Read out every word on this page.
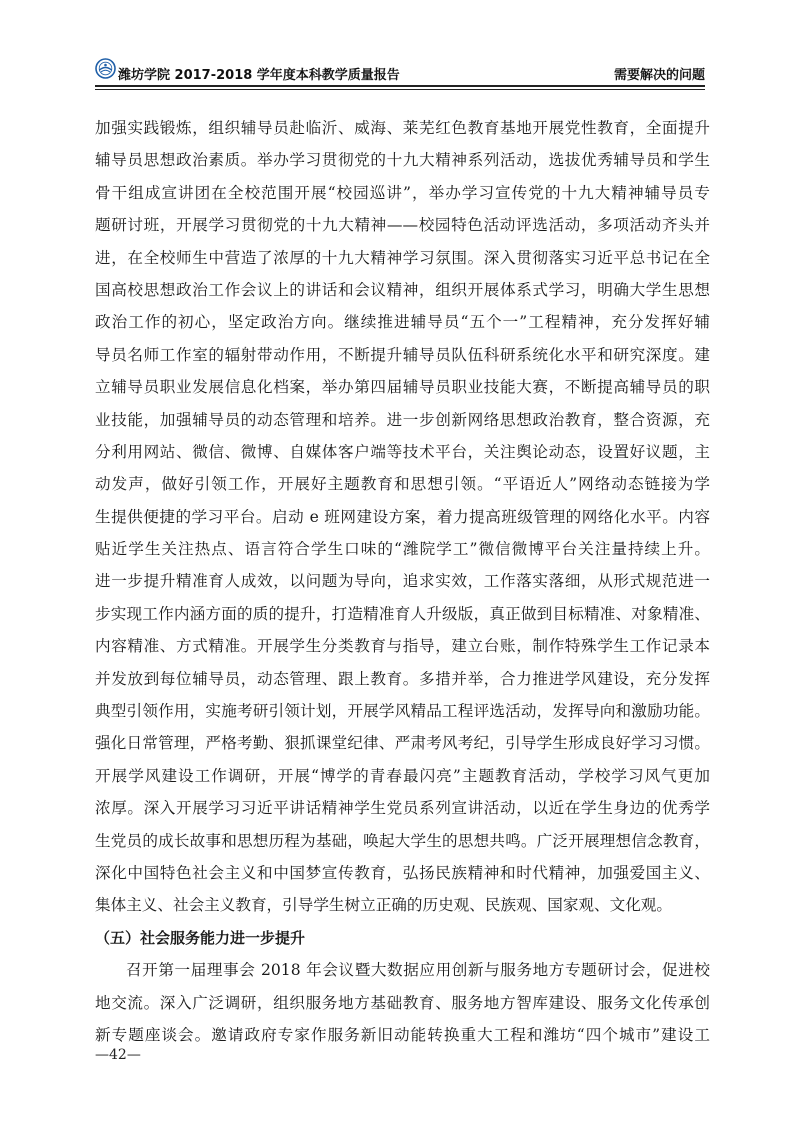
潍坊学院 2017-2018 学年度本科教学质量报告	需要解决的问题
加强实践锻炼，组织辅导员赴临沂、威海、莱芜红色教育基地开展党性教育，全面提升
辅导员思想政治素质。举办学习贯彻党的十九大精神系列活动，选拔优秀辅导员和学生
骨干组成宣讲团在全校范围开展“校园巡讲”，举办学习宣传党的十九大精神辅导员专
题研讨班，开展学习贯彻党的十九大精神——校园特色活动评选活动，多项活动齐头并
进，在全校师生中营造了浓厚的十九大精神学习氛围。深入贯彻落实习近平总书记在全
国高校思想政治工作会议上的讲话和会议精神，组织开展体系式学习，明确大学生思想
政治工作的初心，坚定政治方向。继续推进辅导员“五个一”工程精神，充分发挥好辅
导员名师工作室的辐射带动作用，不断提升辅导员队伍科研系统化水平和研究深度。建
立辅导员职业发展信息化档案，举办第四届辅导员职业技能大赛，不断提高辅导员的职
业技能，加强辅导员的动态管理和培养。进一步创新网络思想政治教育，整合资源，充
分利用网站、微信、微博、自媒体客户端等技术平台，关注舆论动态，设置好议题，主
动发声，做好引领工作，开展好主题教育和思想引领。“平语近人”网络动态链接为学
生提供便捷的学习平台。启动 e 班网建设方案，着力提高班级管理的网络化水平。内容
贴近学生关注热点、语言符合学生口味的“潍院学工”微信微博平台关注量持续上升。
进一步提升精准育人成效，以问题为导向，追求实效，工作落实落细，从形式规范进一
步实现工作内涵方面的质的提升，打造精准育人升级版，真正做到目标精准、对象精准、
内容精准、方式精准。开展学生分类教育与指导，建立台账，制作特殊学生工作记录本
并发放到每位辅导员，动态管理、跟上教育。多措并举，合力推进学风建设，充分发挥
典型引领作用，实施考研引领计划，开展学风精品工程评选活动，发挥导向和激励功能。
强化日常管理，严格考勤、狠抓课堂纪律、严肃考风考纪，引导学生形成良好学习习惯。
开展学风建设工作调研，开展“博学的青春最闪亮”主题教育活动，学校学习风气更加
浓厚。深入开展学习习近平讲话精神学生党员系列宣讲活动，以近在学生身边的优秀学
生党员的成长故事和思想历程为基础，唤起大学生的思想共鸣。广泛开展理想信念教育，
深化中国特色社会主义和中国梦宣传教育，弘扬民族精神和时代精神，加强爱国主义、
集体主义、社会主义教育，引导学生树立正确的历史观、民族观、国家观、文化观。
（五）社会服务能力进一步提升
召开第一届理事会 2018 年会议暨大数据应用创新与服务地方专题研讨会，促进校
地交流。深入广泛调研，组织服务地方基础教育、服务地方智库建设、服务文化传承创
新专题座谈会。邀请政府专家作服务新旧动能转换重大工程和潍坊“四个城市”建设工
—42—
